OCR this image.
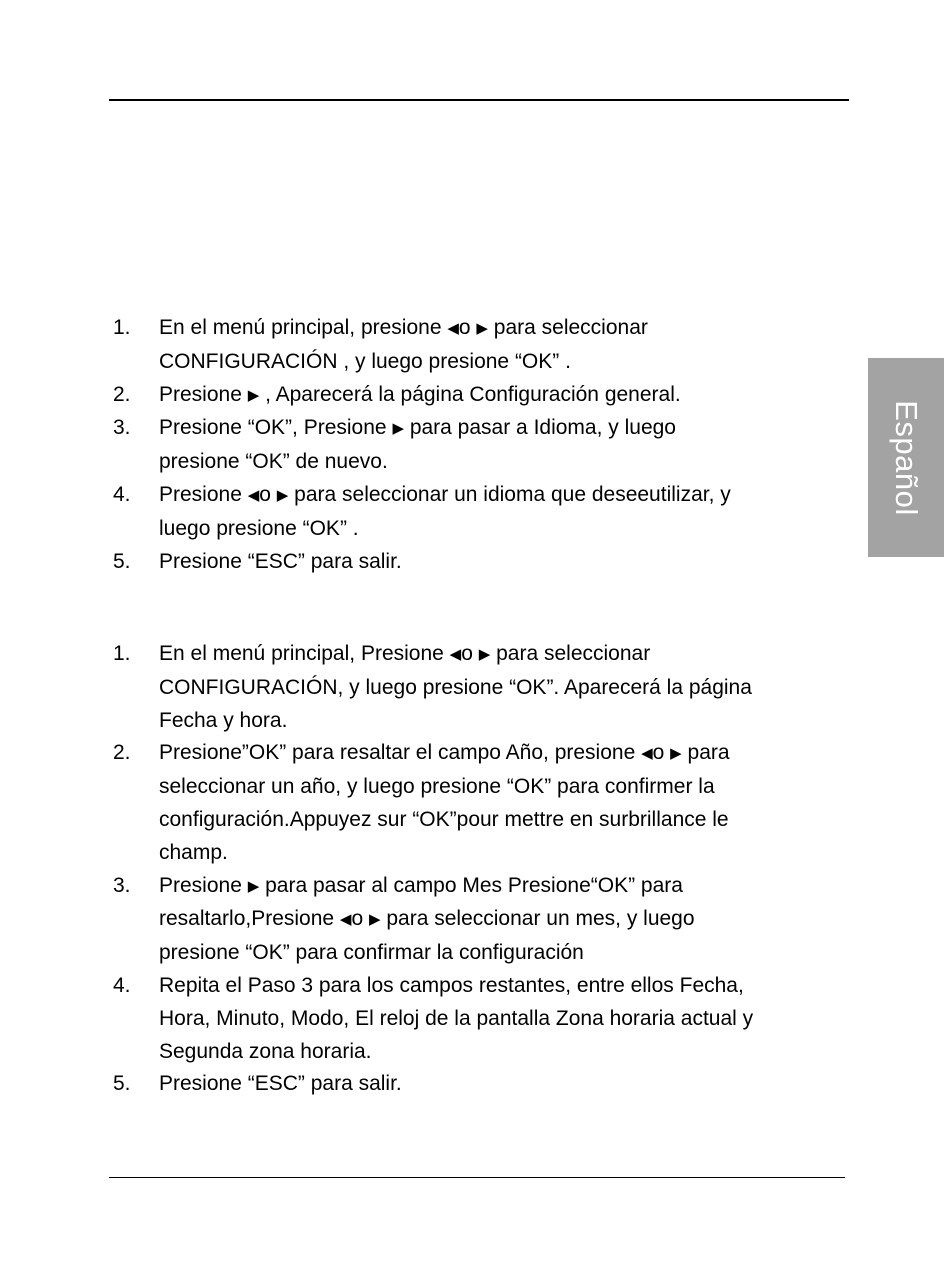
Español
1. En el menú principal, presione ◀o ▶ para seleccionar
CONFIGURACIÓN , y luego presione “OK” .
2. Presione ▶ , Aparecerá la página Configuración general.
3. Presione “OK”, Presione ▶ para pasar a Idioma, y luego
presione “OK” de nuevo.
4. Presione ◀o ▶ para seleccionar un idioma que deseeutilizar, y
luego presione “OK” .
5. Presione “ESC” para salir.
1. En el menú principal, Presione ◀o ▶ para seleccionar
CONFIGURACIÓN, y luego presione “OK”. Aparecerá la página
Fecha y hora.
2. Presione”OK” para resaltar el campo Año, presione ◀o ▶ para
seleccionar un año, y luego presione “OK” para confirmer la
configuración.Appuyez sur “OK”pour mettre en surbrillance le
champ.
3. Presione ▶ para pasar al campo Mes Presione“OK” para
resaltarlo,Presione ◀o ▶ para seleccionar un mes, y luego
presione “OK” para confirmar la configuración
4. Repita el Paso 3 para los campos restantes, entre ellos Fecha,
Hora, Minuto, Modo, El reloj de la pantalla Zona horaria actual y
Segunda zona horaria.
5. Presione “ESC” para salir.
